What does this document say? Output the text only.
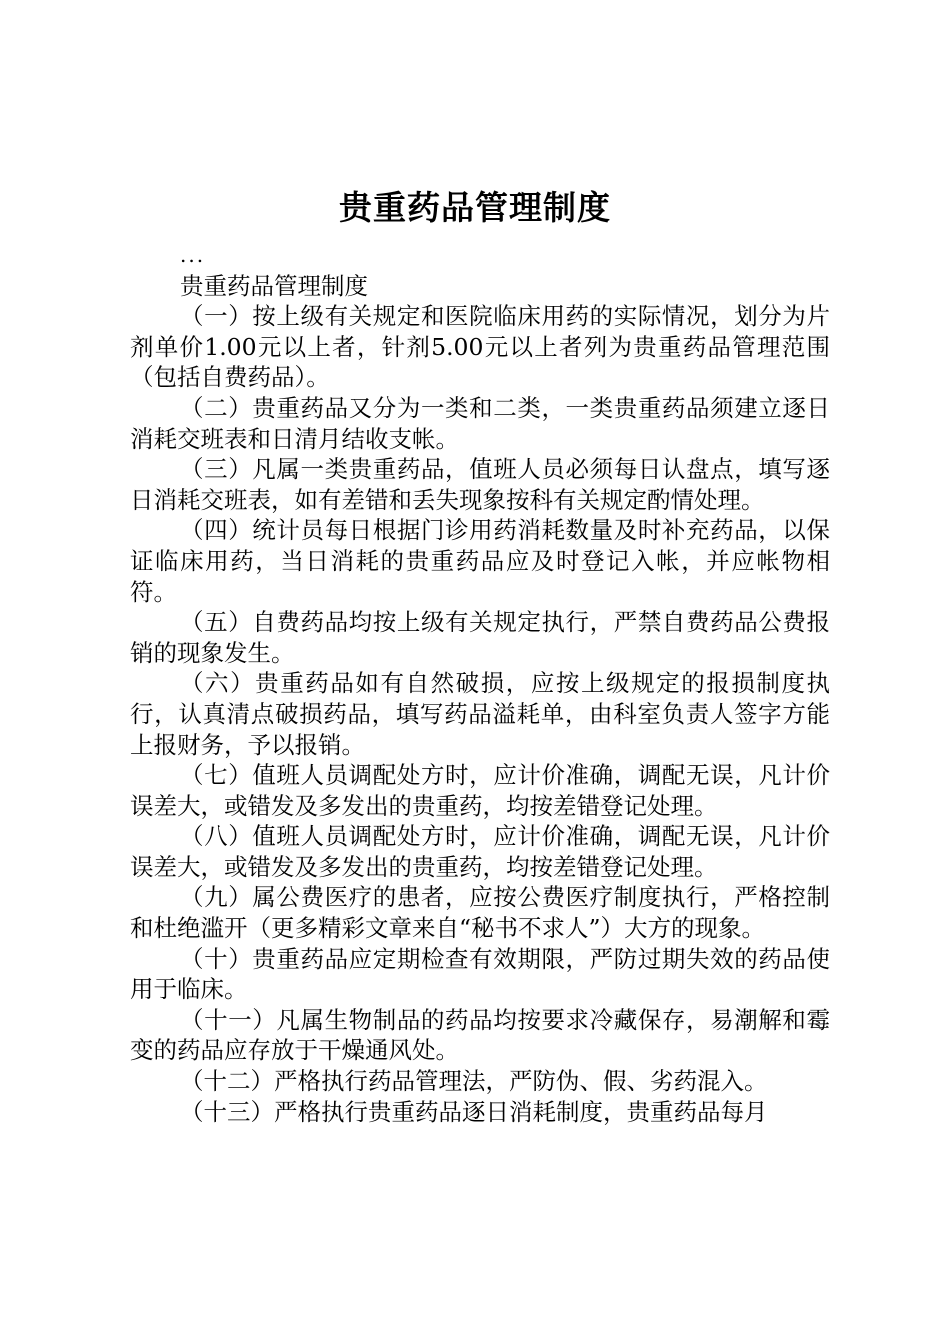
贵重药品管理制度

...

贵重药品管理制度

（一）按上级有关规定和医院临床用药的实际情况，划分为片剂单价1.00元以上者，针剂5.00元以上者列为贵重药品管理范围（包括自费药品）。

（二）贵重药品又分为一类和二类，一类贵重药品须建立逐日消耗交班表和日清月结收支帐。

（三）凡属一类贵重药品，值班人员必须每日认盘点，填写逐日消耗交班表，如有差错和丢失现象按科有关规定酌情处理。

（四）统计员每日根据门诊用药消耗数量及时补充药品，以保证临床用药，当日消耗的贵重药品应及时登记入帐，并应帐物相符。

（五）自费药品均按上级有关规定执行，严禁自费药品公费报销的现象发生。

（六）贵重药品如有自然破损，应按上级规定的报损制度执行，认真清点破损药品，填写药品溢耗单，由科室负责人签字方能上报财务，予以报销。

（七）值班人员调配处方时，应计价准确，调配无误，凡计价误差大，或错发及多发出的贵重药，均按差错登记处理。

（八）值班人员调配处方时，应计价准确，调配无误，凡计价误差大，或错发及多发出的贵重药，均按差错登记处理。

（九）属公费医疗的患者，应按公费医疗制度执行，严格控制和杜绝滥开（更多精彩文章来自“秘书不求人”）大方的现象。

（十）贵重药品应定期检查有效期限，严防过期失效的药品使用于临床。

（十一）凡属生物制品的药品均按要求冷藏保存，易潮解和霉变的药品应存放于干燥通风处。

（十二）严格执行药品管理法，严防伪、假、劣药混入。

（十三）严格执行贵重药品逐日消耗制度，贵重药品每月
